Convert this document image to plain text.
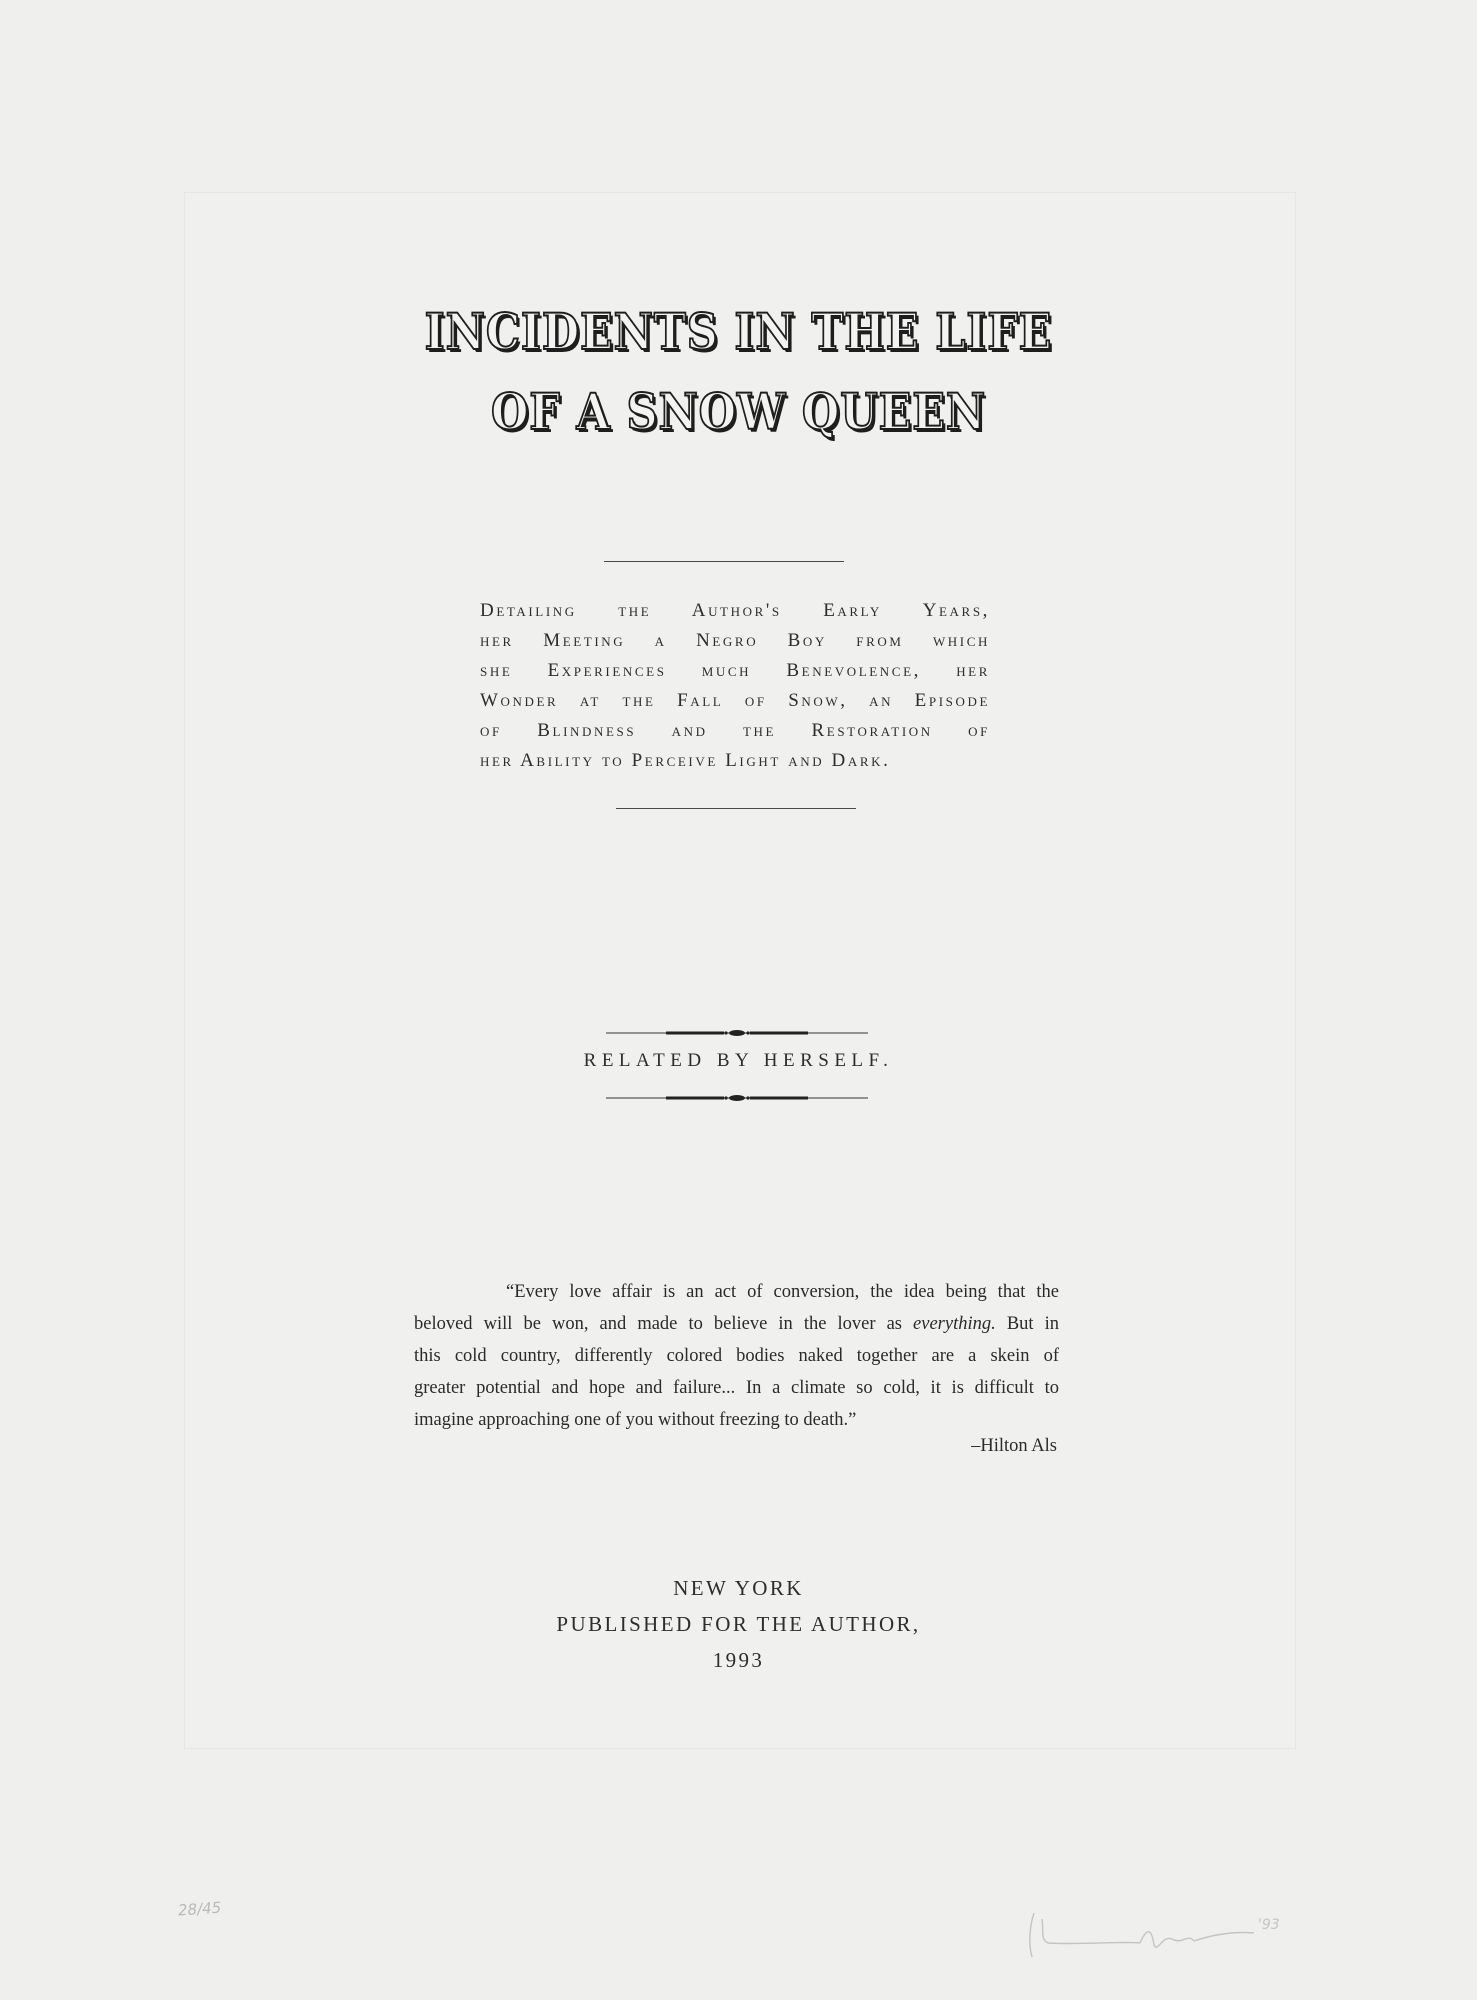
INCIDENTS IN THE LIFE
OF A SNOW QUEEN
Detailing the Author's Early Years,
her Meeting a Negro Boy from which
she Experiences much Benevolence, her
Wonder at the Fall of Snow, an Episode
of Blindness and the Restoration of
her Ability to Perceive Light and Dark.
RELATED BY HERSELF.
“Every love affair is an act of conversion, the idea being that the
beloved will be won, and made to believe in the lover as everything. But in
this cold country, differently colored bodies naked together are a skein of
greater potential and hope and failure... In a climate so cold, it is difficult to
imagine approaching one of you without freezing to death.”
–Hilton Als
NEW YORK
PUBLISHED FOR THE AUTHOR,
1993
28/45
'93
